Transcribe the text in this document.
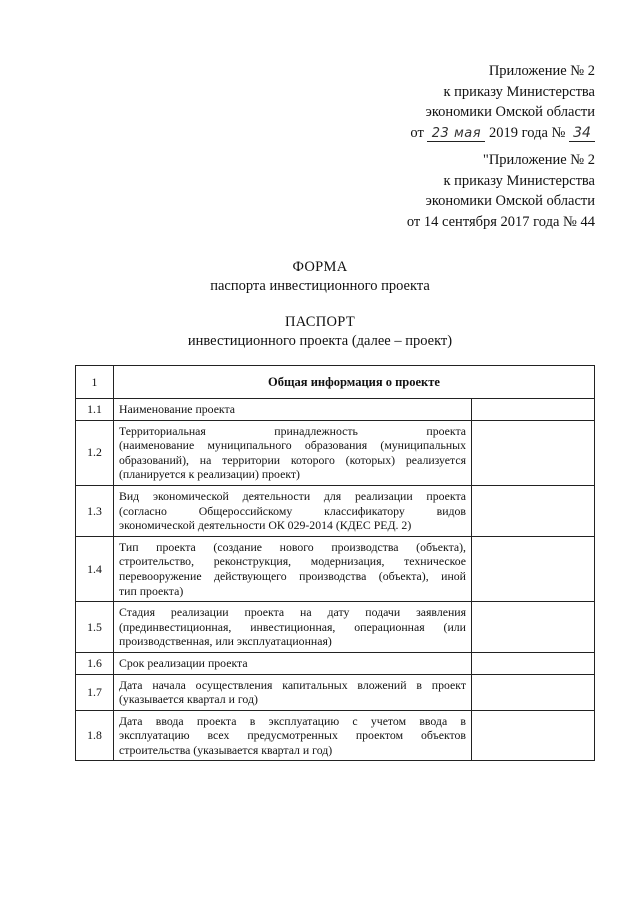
Приложение № 2
к приказу Министерства
экономики Омской области
от 23 мая 2019 года № 34
"Приложение № 2
к приказу Министерства
экономики Омской области
от 14 сентября 2017 года № 44
ФОРМА
паспорта инвестиционного проекта
ПАСПОРТ
инвестиционного проекта (далее – проект)
1	Общая информация о проекте	
1.1	Наименование проекта	

1.2	Территориальная принадлежность проекта
(наименование муниципального образования (муниципальных
образований), на территории которого (которых) реализуется
(планируется к реализации) проект)	

1.3	Вид экономической деятельности для реализации проекта
(согласно Общероссийскому классификатору видов
экономической деятельности ОК 029-2014 (КДЕС РЕД. 2)	

1.4	Тип проекта (создание нового производства (объекта),
строительство, реконструкция, модернизация, техническое
перевооружение действующего производства (объекта), иной
тип проекта)	

1.5	Стадия реализации проекта на дату подачи заявления
(прединвестиционная, инвестиционная, операционная (или
производственная, или эксплуатационная)	

1.6	Срок реализации проекта	

1.7	Дата начала осуществления капитальных вложений в проект
(указывается квартал и год)	

1.8	Дата ввода проекта в эксплуатацию с учетом ввода в
эксплуатацию всех предусмотренных проектом объектов
строительства (указывается квартал и год)	
